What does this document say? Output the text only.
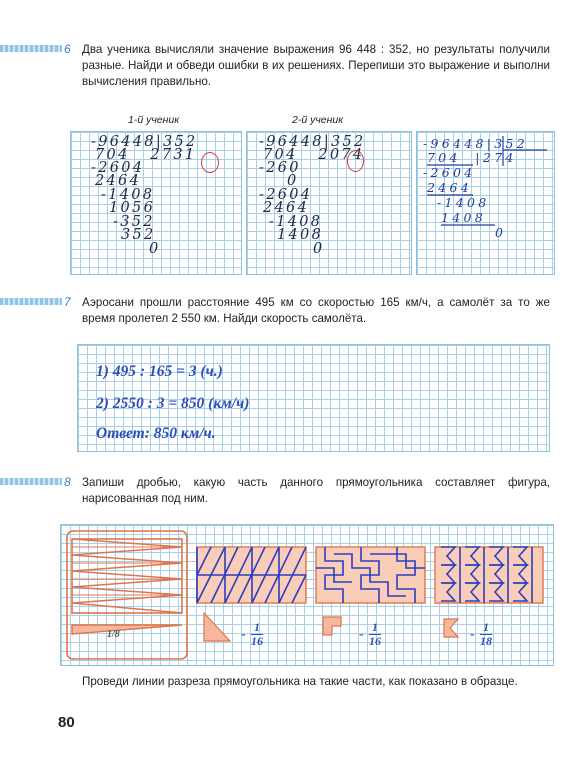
6 Два ученика вычисляли значение выражения 96 448 : 352, но результаты получили разные. Найди и обведи ошибки в их решениях. Перепиши это выражение и выполни вычисления правильно.
1-й ученик	2-й ученик
-96448|352
704   2731
-2604
2464
-1408
1056
-352
352
0
-96448|352
704   2074
-260
0
-2604
2464
-1408
1408
0
-96448|352
704  |274
-2604
2464
-1408
1408
0
7 Аэросани прошли расстояние 495 км со скоростью 165 км/ч, а самолёт за то же время пролетел 2 550 км. Найди скорость самолёта.
1) 495 : 165 = 3 (ч.)
2) 2550 : 3 = 850 (км/ч)
Ответ: 850 км/ч.
8 Запиши дробью, какую часть данного прямоугольника составляет фигура, нарисованная под ним.
1/8	- $\frac{1}{16}$	- $\frac{1}{16}$	- $\frac{1}{18}$
Проведи линии разреза прямоугольника на такие части, как показано в образце.
80
